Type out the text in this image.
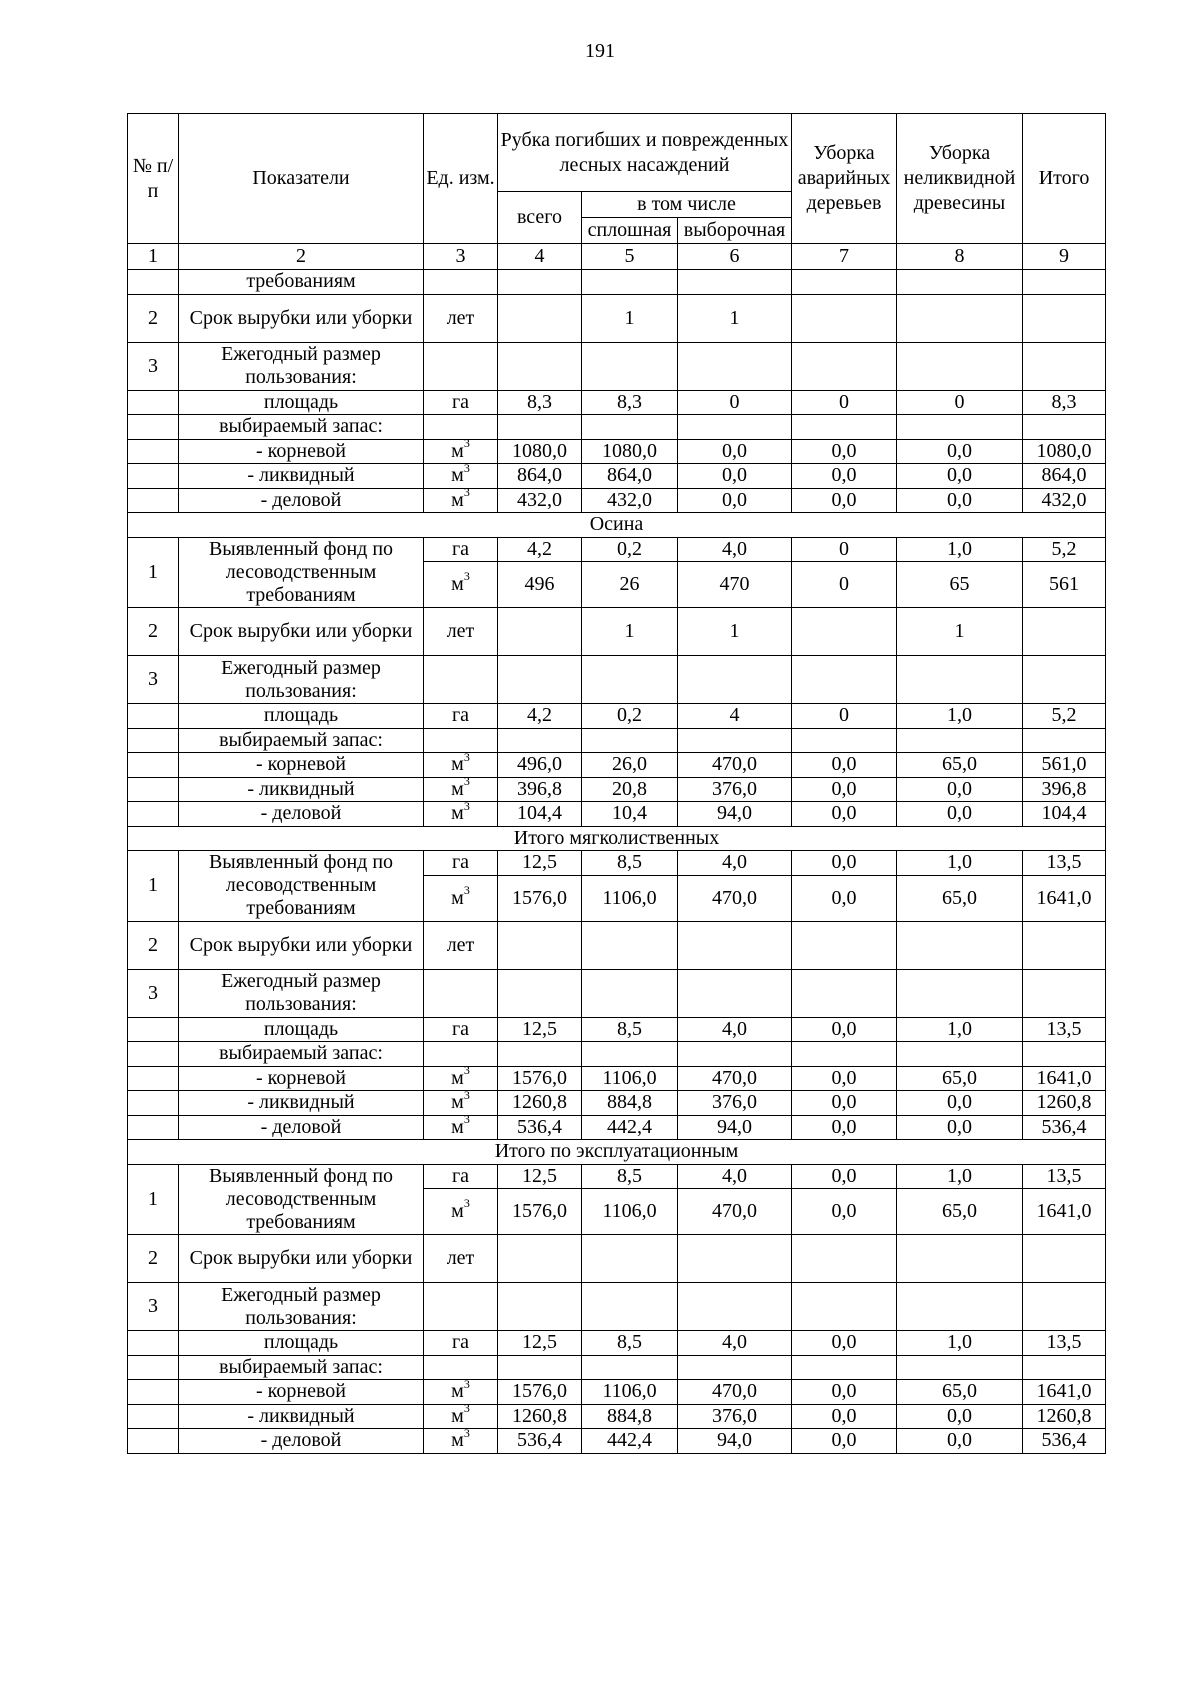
191
№ п/п	Показатели	Ед. изм.	Рубка погибших и поврежденных лесных насаждений			Уборка аварийных деревьев	Уборка неликвидной древесины	Итого
			всего	в том числе				
				сплошная	выборочная			
1	2	3	4	5	6	7	8	9
	требованиям							
2	Срок вырубки или уборки	лет		1	1			
3	Ежегодный размер пользования:							
	площадь	га	8,3	8,3	0	0	0	8,3
	выбираемый запас:							
	- корневой	$м^3$	1080,0	1080,0	0,0	0,0	0,0	1080,0
	- ликвидный	$м^3$	864,0	864,0	0,0	0,0	0,0	864,0
	- деловой	$м^3$	432,0	432,0	0,0	0,0	0,0	432,0
Осина								
1	Выявленный фонд по лесоводственным требованиям	га	4,2	0,2	4,0	0	1,0	5,2
		$м^3$	496	26	470	0	65	561
2	Срок вырубки или уборки	лет		1	1		1	
3	Ежегодный размер пользования:							
	площадь	га	4,2	0,2	4	0	1,0	5,2
	выбираемый запас:							
	- корневой	$м^3$	496,0	26,0	470,0	0,0	65,0	561,0
	- ликвидный	$м^3$	396,8	20,8	376,0	0,0	0,0	396,8
	- деловой	$м^3$	104,4	10,4	94,0	0,0	0,0	104,4
Итого мягколиственных								
1	Выявленный фонд по лесоводственным требованиям	га	12,5	8,5	4,0	0,0	1,0	13,5
		$м^3$	1576,0	1106,0	470,0	0,0	65,0	1641,0
2	Срок вырубки или уборки	лет						
3	Ежегодный размер пользования:							
	площадь	га	12,5	8,5	4,0	0,0	1,0	13,5
	выбираемый запас:							
	- корневой	$м^3$	1576,0	1106,0	470,0	0,0	65,0	1641,0
	- ликвидный	$м^3$	1260,8	884,8	376,0	0,0	0,0	1260,8
	- деловой	$м^3$	536,4	442,4	94,0	0,0	0,0	536,4
Итого по эксплуатационным								
1	Выявленный фонд по лесоводственным требованиям	га	12,5	8,5	4,0	0,0	1,0	13,5
		$м^3$	1576,0	1106,0	470,0	0,0	65,0	1641,0
2	Срок вырубки или уборки	лет						
3	Ежегодный размер пользования:							
	площадь	га	12,5	8,5	4,0	0,0	1,0	13,5
	выбираемый запас:							
	- корневой	$м^3$	1576,0	1106,0	470,0	0,0	65,0	1641,0
	- ликвидный	$м^3$	1260,8	884,8	376,0	0,0	0,0	1260,8
	- деловой	$м^3$	536,4	442,4	94,0	0,0	0,0	536,4
